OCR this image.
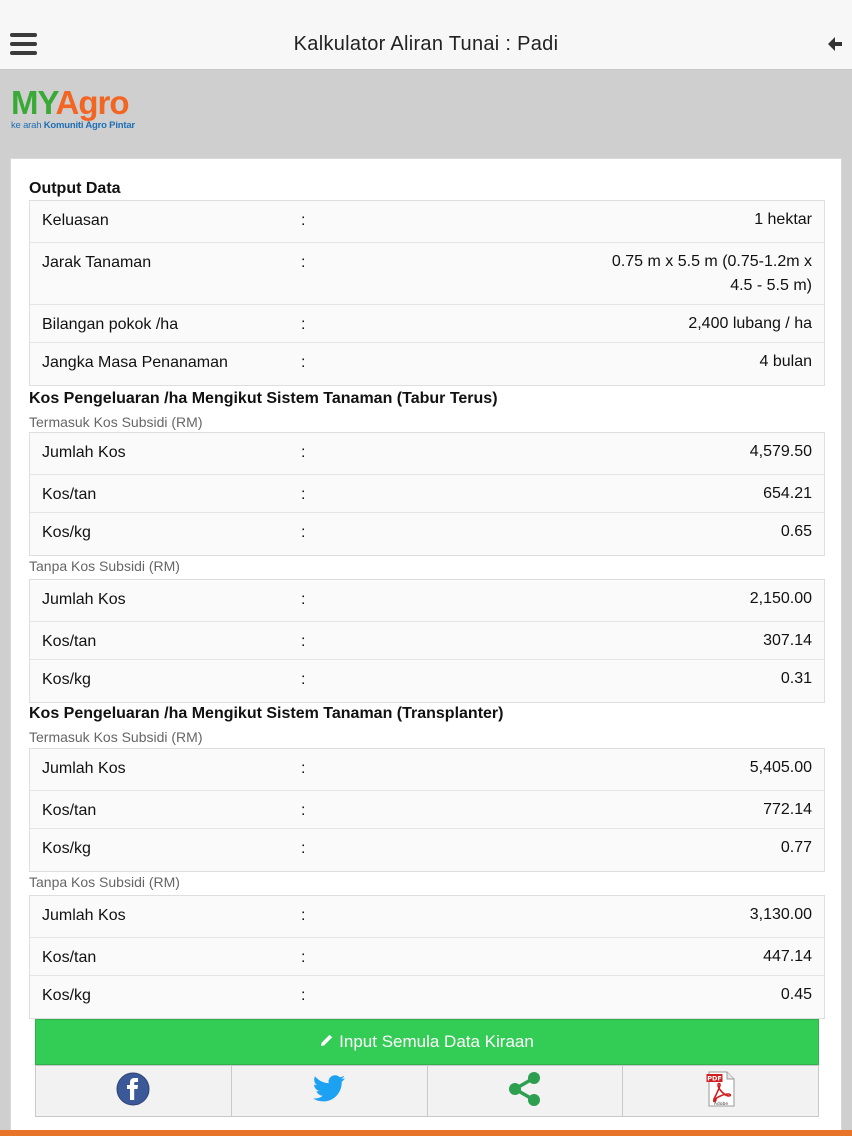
Kalkulator Aliran Tunai : Padi
MYAgro
ke arah Komuniti Agro Pintar
Output Data
Keluasan	:	1 hektar
Jarak Tanaman	:	0.75 m x 5.5 m (0.75-1.2m x
4.5 - 5.5 m)
Bilangan pokok /ha	:	2,400 lubang / ha
Jangka Masa Penanaman	:	4 bulan
Kos Pengeluaran /ha Mengikut Sistem Tanaman (Tabur Terus)
Termasuk Kos Subsidi (RM)
Jumlah Kos	:	4,579.50
Kos/tan	:	654.21
Kos/kg	:	0.65
Tanpa Kos Subsidi (RM)
Jumlah Kos	:	2,150.00
Kos/tan	:	307.14
Kos/kg	:	0.31
Kos Pengeluaran /ha Mengikut Sistem Tanaman (Transplanter)
Termasuk Kos Subsidi (RM)
Jumlah Kos	:	5,405.00
Kos/tan	:	772.14
Kos/kg	:	0.77
Tanpa Kos Subsidi (RM)
Jumlah Kos	:	3,130.00
Kos/tan	:	447.14
Kos/kg	:	0.45
Input Semula Data Kiraan
PDF
Adobe
